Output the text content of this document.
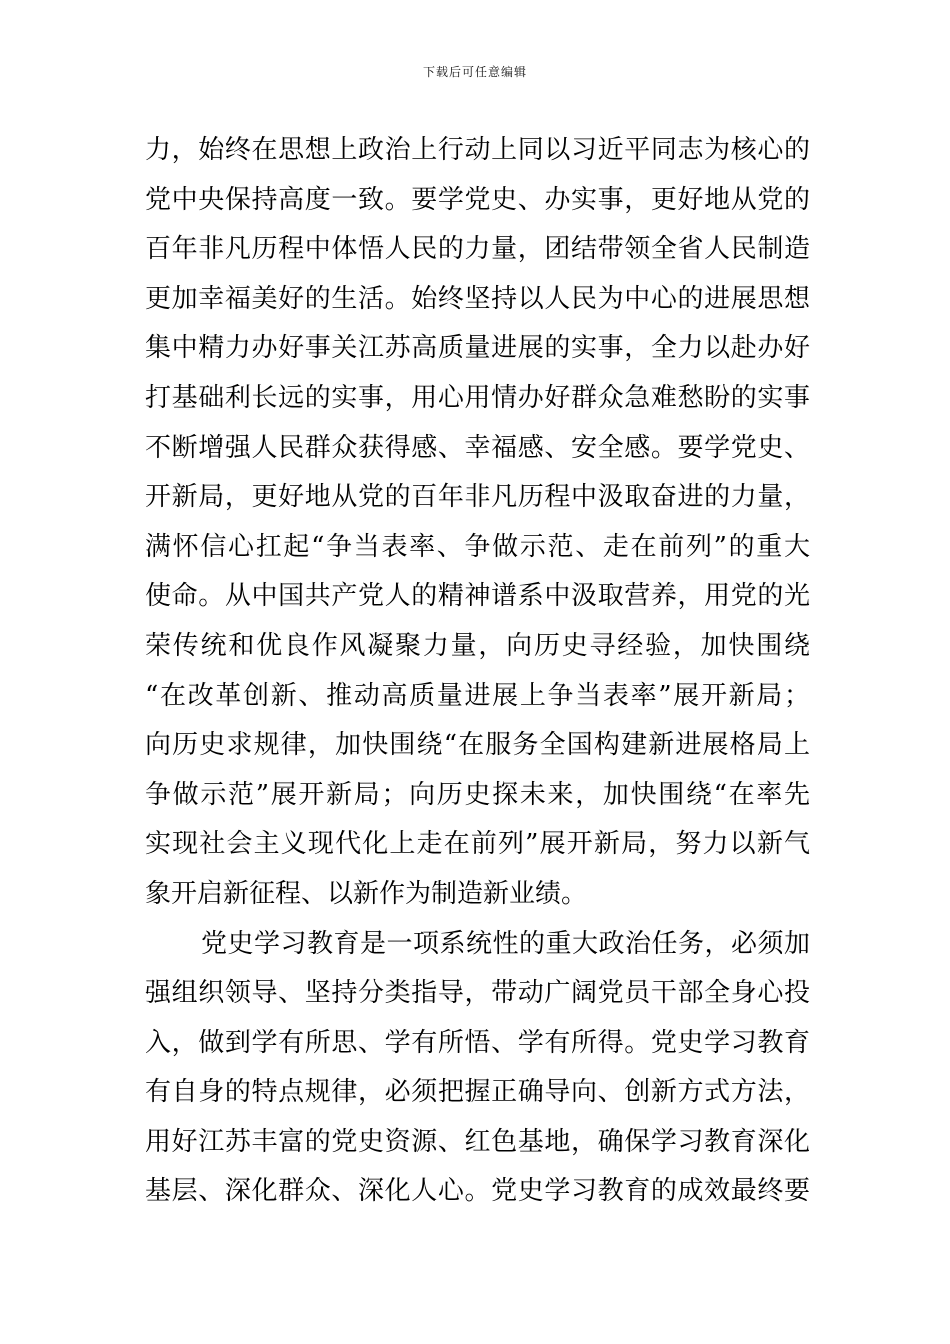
下载后可任意编辑
力，始终在思想上政治上行动上同以习近平同志为核心的
党中央保持高度一致。要学党史、办实事，更好地从党的
百年非凡历程中体悟人民的力量，团结带领全省人民制造
更加幸福美好的生活。始终坚持以人民为中心的进展思想
集中精力办好事关江苏高质量进展的实事，全力以赴办好
打基础利长远的实事，用心用情办好群众急难愁盼的实事
不断增强人民群众获得感、幸福感、安全感。要学党史、
开新局，更好地从党的百年非凡历程中汲取奋进的力量，
满怀信心扛起“争当表率、争做示范、走在前列”的重大
使命。从中国共产党人的精神谱系中汲取营养，用党的光
荣传统和优良作风凝聚力量，向历史寻经验，加快围绕
“在改革创新、推动高质量进展上争当表率”展开新局；
向历史求规律，加快围绕“在服务全国构建新进展格局上
争做示范”展开新局；向历史探未来，加快围绕“在率先
实现社会主义现代化上走在前列”展开新局，努力以新气
象开启新征程、以新作为制造新业绩。
党史学习教育是一项系统性的重大政治任务，必须加
强组织领导、坚持分类指导，带动广阔党员干部全身心投
入，做到学有所思、学有所悟、学有所得。党史学习教育
有自身的特点规律，必须把握正确导向、创新方式方法，
用好江苏丰富的党史资源、红色基地，确保学习教育深化
基层、深化群众、深化人心。党史学习教育的成效最终要
